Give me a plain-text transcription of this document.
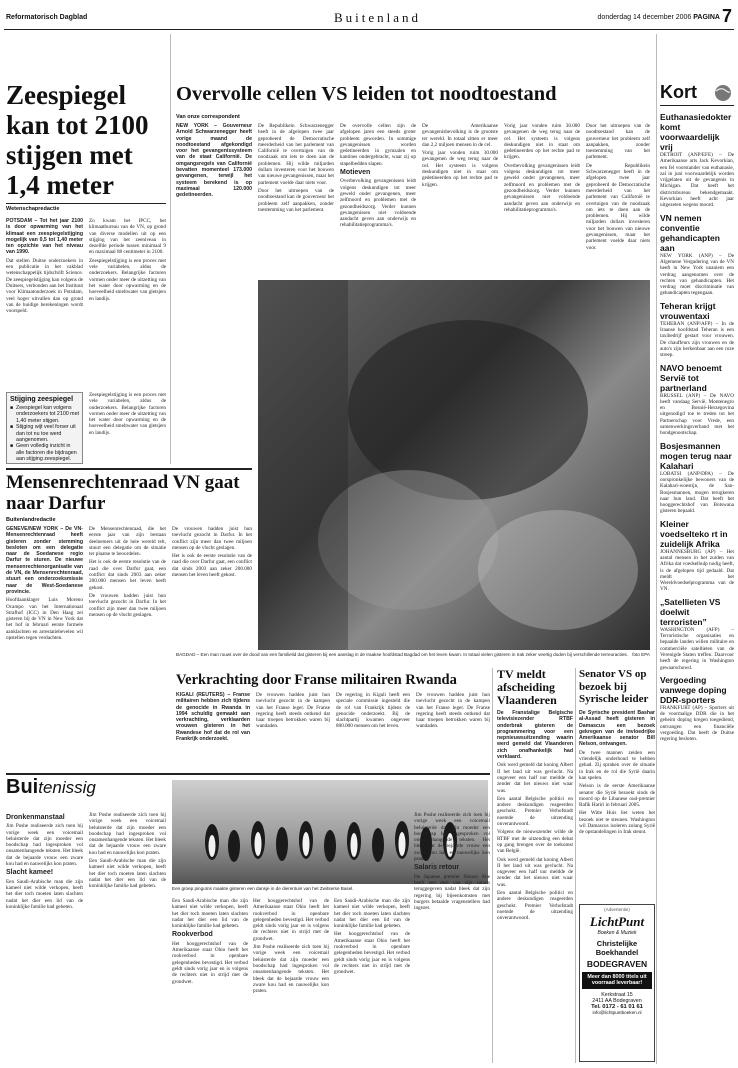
Reformatorisch Dagblad	Buitenland	donderdag 14 december 2006 PAGINA 7
Zeespiegel kan tot 2100 stijgen met 1,4 meter
Wetenschapredactie

POTSDAM – Tot het jaar 2100 is door opwarming van het klimaat een zeespiegelstijging mogelijk van 0,5 tot 1,40 meter ten opzichte van het niveau van 1990.

Dat stellen Duitse onderzoekers in een publicatie in het vakblad wetenschappelijk tijdschrift Science. De zeespiegelstijging kan volgens de Duitsers, verbonden aan het Instituut voor Klimaatonderzoek in Potsdam, veel hoger uitvallen dan op grond van de huidige berekeningen wordt voorspeld.

Zo kwam het IPCC, het klimaatbureau van de VN, op grond van diverse modellen uit op een stijging van het zeeniveau in dezelfde periode tussen minimaal 9 en maximaal 88 centimeter in 2100.

Zeespiegelstijging is een proces met vele variabelen, aldus de onderzoekers. Belangrijke factoren vormen onder meer de uitzetting van het water door opwarming en de hoeveelheid smeltwater van gletsjers en landijs.

Stijging zeespiegel
■ Zeespiegel kan volgens onderzoekers tot 2100 met 1,40 meter stijgen.
■ Stijging wijt veel forser uit dan tot nu toe werd aangenomen.
■ Geen volledig inzicht in alle factoren die bijdragen aan stijging zeespiegel.

Zeespiegelstijging is een proces met vele variabelen, aldus de onderzoekers. Belangrijke factoren vormen onder meer de uitzetting van het water door opwarming en de hoeveelheid smeltwater van gletsjers en landijs.

Overvolle cellen VS leiden tot noodtoestand
Van onze correspondent

NEW YORK – Gouverneur Arnold Schwarzenegger heeft vorige maand de noodtoestand afgekondigd voor het gevangenissysteem van de staat Californië. De omgangsregels van Californië bevatten momenteel 173.000 gevangenen, terwijl het systeem berekend is op maximaal 120.000 gedetineerden.

De Republikein Schwarzenegger heeft in de afgelopen twee jaar geprobeerd de Democratische meerderheid van het parlement van Californië te overtuigen van de noodzaak om iets te doen aan de problemen. Hij wilde miljarden dollars investeren voor het bouwen van nieuwe gevangenissen, maar het parlement voelde daar niets voor.

Door het uitroepen van de noodtoestand kan de gouverneur het probleem zelf aanpakken, zonder toestemming van het parlement.

De overvolle cellen zijn de afgelopen jaren een steeds groter probleem geworden. In sommige gevangenissen worden gedetineerden in gymzalen en kantines ondergebracht, waar zij op stapelbedden slapen.

Motieven

Overbevolking gevangenissen leidt volgens deskundigen tot meer geweld onder gevangenen, meer zelfmoord en problemen met de gezondheidszorg. Verder kunnen gevangenissen niet voldoende aandacht geven aan onderwijs en rehabilitatieprogramma's.

De Amerikaanse gevangenisbevolking is de grootste ter wereld. In totaal zitten er meer dan 2,2 miljoen mensen in de cel.

Vorig jaar vonden ruim 30.000 gevangenen de weg terug naar de cel. Het systeem is volgens deskundigen niet in staat om gedetineerden op het rechte pad te krijgen.

Vorig jaar vonden ruim 30.000 gevangenen de weg terug naar de cel. Het systeem is volgens deskundigen niet in staat om gedetineerden op het rechte pad te krijgen.

Overbevolking gevangenissen leidt volgens deskundigen tot meer geweld onder gevangenen, meer zelfmoord en problemen met de gezondheidszorg. Verder kunnen gevangenissen niet voldoende aandacht geven aan onderwijs en rehabilitatieprogramma's.

Door het uitroepen van de noodtoestand kan de gouverneur het probleem zelf aanpakken, zonder toestemming van het parlement.

De Republikein Schwarzenegger heeft in de afgelopen twee jaar geprobeerd de Democratische meerderheid van het parlement van Californië te overtuigen van de noodzaak om iets te doen aan de problemen. Hij wilde miljarden dollars investeren voor het bouwen van nieuwe gevangenissen, maar het parlement voelde daar niets voor.

BAGDAD – Een man rouwt over de dood van een familielid dat gisteren bij een aanslag in de Iraakse hoofdstad Bagdad om het leven kwam. In totaal vielen gisteren in Irak zeker veertig doden bij verschillende terreuracties. foto EPA
Mensenrechtenraad VN gaat naar Darfur
Buitenlandredactie

GENEVE/NEW YORK – De VN-Mensenrechtenraad heeft gisteren zonder stemming besloten om een delegatie naar de Soedanese regio Darfur te sturen. De nieuwe mensenrechtenorganisatie van de VN, de Mensenrechtenraad, stuurt een onderzoeksmissie naar de West-Soedanese provincie.

Hoofdaanklager Luis Moreno Ocampo van het Internationaal Strafhof (ICC) in Den Haag zei gisteren bij de VN in New York dat het hof in februari eerste formele aanklachten en arrestatiebevelen wil opstellen tegen verdachten.

De Mensenrechtenraad, die het eerste jaar van zijn bestaan deelnemers uit de hele wereld telt, stuurt een delegatie om de situatie ter plaatse te beoordelen.

Het is ook de eerste resolutie van de raad die over Darfur gaat, een conflict dat sinds 2003 aan zeker 200.000 mensen het leven heeft gekost.

De vrouwen hadden juist hun toevlucht gezocht in Darfur. In het conflict zijn meer dan twee miljoen mensen op de vlucht geslagen.

De vrouwen hadden juist hun toevlucht gezocht in Darfur. In het conflict zijn meer dan twee miljoen mensen op de vlucht geslagen.

Het is ook de eerste resolutie van de raad die over Darfur gaat, een conflict dat sinds 2003 aan zeker 200.000 mensen het leven heeft gekost.

Verkrachting door Franse militairen Rwanda

KIGALI (REUTERS) – Franse militairen hebben zich tijdens de genocide in Rwanda in 1994 schuldig gemaakt aan verkrachting, verklaarden vrouwen gisteren in het Rwandese hof dat de rol van Frankrijk onderzoekt.

De vrouwen hadden juist hun toevlucht gezocht in de kampen van het Franse leger. De Franse regering heeft steeds ontkend dat haar troepen betrokken waren bij wandaden.

De regering in Kigali heeft een speciale commissie ingesteld die de rol van Frankrijk tijdens de genocide onderzoekt. Bij de slachtpartij kwamen ongeveer 800.000 mensen om het leven.

De vrouwen hadden juist hun toevlucht gezocht in de kampen van het Franse leger. De Franse regering heeft steeds ontkend dat haar troepen betrokken waren bij wandaden.

TV meldt afscheiding Vlaanderen

De Franstalige Belgische televisiezender RTBF onderbrak gisteren de programmering voor een nepnieuwsuitzending waarin werd gemeld dat Vlaanderen zich onafhankelijk had verklaard.

Ook werd gemeld dat koning Albert II het land uit was gevlucht. Na ongeveer een half uur meldde de zender dat het nieuws niet waar was.

Een aantal Belgische politici en andere deskundigen reageerden geschokt. Premier Verhofstadt noemde de uitzending onverantwoord.

Volgens de nieuwszender wilde de RTBF met de uitzending een debat op gang brengen over de toekomst van België.

Ook werd gemeld dat koning Albert II het land uit was gevlucht. Na ongeveer een half uur meldde de zender dat het nieuws niet waar was.

Een aantal Belgische politici en andere deskundigen reageerden geschokt. Premier Verhofstadt noemde de uitzending onverantwoord.

Senator VS op bezoek bij Syrische leider

De Syrische president Bashar al-Assad heeft gisteren in Damascus een bezoek gekregen van de invloedrijke Amerikaanse senator Bill Nelson, ontvangen.

De twee mannen zeiden een vriendelijk onderhoud te hebben gehad. Zij spraken over de situatie in Irak en de rol die Syrië daarin kan spelen.

Nelson is de eerste Amerikaanse senator die Syrië bezoekt sinds de moord op de Libanese oud-premier Rafik Hariri in februari 2005.

Het Witte Huis liet weten het bezoek niet te steunen. Washington wil Damascus isoleren zolang Syrië de opstandelingen in Irak steunt.

(Advertentie)
LichtPunt
Boeken & Muziek
Christelijke
Boekhandel
BODEGRAVEN
Meer dan 8000 titels uit voorraad leverbaar!
Kerkstraat 15
2411 AA Bodegraven
Tel. 0172 - 61 01 61
info@lichtpuntboeken.nl
Buitenissig
Dronkenmanstaal

Jim Poshe realiseerde zich toen hij vorige week een voicemail beluisterde dat zijn moeder een boodschap had ingesproken vol onsamenhangende teksten. Het bleek dat de bejaarde vrouw een zware kou had en nauwelijks kon praten.

Slacht kamee!

Een Saudi-Arabische man die zijn kameel niet wilde verkopen, heeft het dier toch moeten laten slachten nadat het dier een lid van de koninklijke familie had gebeten.

Jim Poshe realiseerde zich toen hij vorige week een voicemail beluisterde dat zijn moeder een boodschap had ingesproken vol onsamenhangende teksten. Het bleek dat de bejaarde vrouw een zware kou had en nauwelijks kon praten.

Een Saudi-Arabische man die zijn kameel niet wilde verkopen, heeft het dier toch moeten laten slachten nadat het dier een lid van de koninklijke familie had gebeten.	Een groep pinguïns maakte gisteren een dansje in de dierentuin van het Zwitserse Basel.

Een Saudi-Arabische man die zijn kameel niet wilde verkopen, heeft het dier toch moeten laten slachten nadat het dier een lid van de koninklijke familie had gebeten.

Rookverbod

Het hooggerechtshof van de Amerikaanse staat Ohio heeft het rookverbod in openbare gelegenheden bevestigd. Het verbod geldt sinds vorig jaar en is volgens de rechters niet in strijd met de grondwet.

Het hooggerechtshof van de Amerikaanse staat Ohio heeft het rookverbod in openbare gelegenheden bevestigd. Het verbod geldt sinds vorig jaar en is volgens de rechters niet in strijd met de grondwet.

Jim Poshe realiseerde zich toen hij vorige week een voicemail beluisterde dat zijn moeder een boodschap had ingesproken vol onsamenhangende teksten. Het bleek dat de bejaarde vrouw een zware kou had en nauwelijks kon praten.

Een Saudi-Arabische man die zijn kameel niet wilde verkopen, heeft het dier toch moeten laten slachten nadat het dier een lid van de koninklijke familie had gebeten.

Het hooggerechtshof van de Amerikaanse staat Ohio heeft het rookverbod in openbare gelegenheden bevestigd. Het verbod geldt sinds vorig jaar en is volgens de rechters niet in strijd met de grondwet.

Jim Poshe realiseerde zich toen hij vorige week een voicemail beluisterde dat zijn moeder een boodschap had ingesproken vol onsamenhangende teksten. Het bleek dat de bejaarde vrouw een zware kou had en nauwelijks kon praten.

Salaris retour

De Japanse premier Shinzo Abe heeft een deel van zijn salaris teruggegeven nadat bleek dat zijn regering bij bijeenkomsten met burgers betaalde vragenstellers had ingezet.

Kort
Euthanasiedokter komt voorwaardelijk vrij
DETROIT (ANP/EFE) – De Amerikaanse arts Jack Kevorkian, een fel voorstander van euthanasie, zal in juni voorwaardelijk worden vrijgelaten uit de gevangenis in Michigan. Dat heeft het districtsbureau bekendgemaakt. Kevorkian heeft acht jaar uitgezeten wegens moord.
VN nemen conventie gehandicapten aan
NEW YORK (ANP) – De Algemene Vergadering van de VN heeft in New York unaniem een verdrag aangenomen over de rechten van gehandicapten. Het verdrag moet discriminatie van gehandicapten tegengaan.
Teheran krijgt vrouwentaxi
TEHERAN (ANP/AFP) – In de Iraanse hoofdstad Teheran is een taxibedrijf gestart voor vrouwen. De chauffeurs zijn vrouwen en de auto's zijn herkenbaar aan een roze streep.
NAVO benoemt Servië tot partnerland
BRUSSEL (ANP) – De NAVO heeft vandaag Servië, Montenegro en Bosnië-Herzegovina uitgenodigd toe te treden tot het Partnerschap voor Vrede, een samenwerkingsverband met het bondgenootschap.
Bosjesmannen mogen terug naar Kalahari
LOBATSI (ANP/DPA) – De oorspronkelijke bewoners van de Kalahari-woestijn, de San-Bosjesmannen, mogen terugkeren naar hun land. Dat heeft het hooggerechtshof van Botswana gisteren bepaald.
Kleiner voedselteko rt in zuidelijk Afrika
JOHANNESBURG (AP) – Het aantal mensen in het zuiden van Afrika dat voedselhulp nodig heeft, is de afgelopen tijd gedaald. Dat meldt het Wereldvoedselprogramma van de VN.
„Satellieten VS doelwit terroristen”
WASHINGTON (AFP) – Terroristische organisaties en bepaalde landen willen militaire en commerciële satellieten van de Verenigde Staten treffen. Daarvoor heeft de regering in Washington gewaarschuwd.
Vergoeding vanwege doping DDR-sporters
FRANKFURT (AP) – Sporters uit de voormalige DDR die in het geheim doping kregen toegediend, ontvangen een financiële vergoeding. Dat heeft de Duitse regering besloten.
